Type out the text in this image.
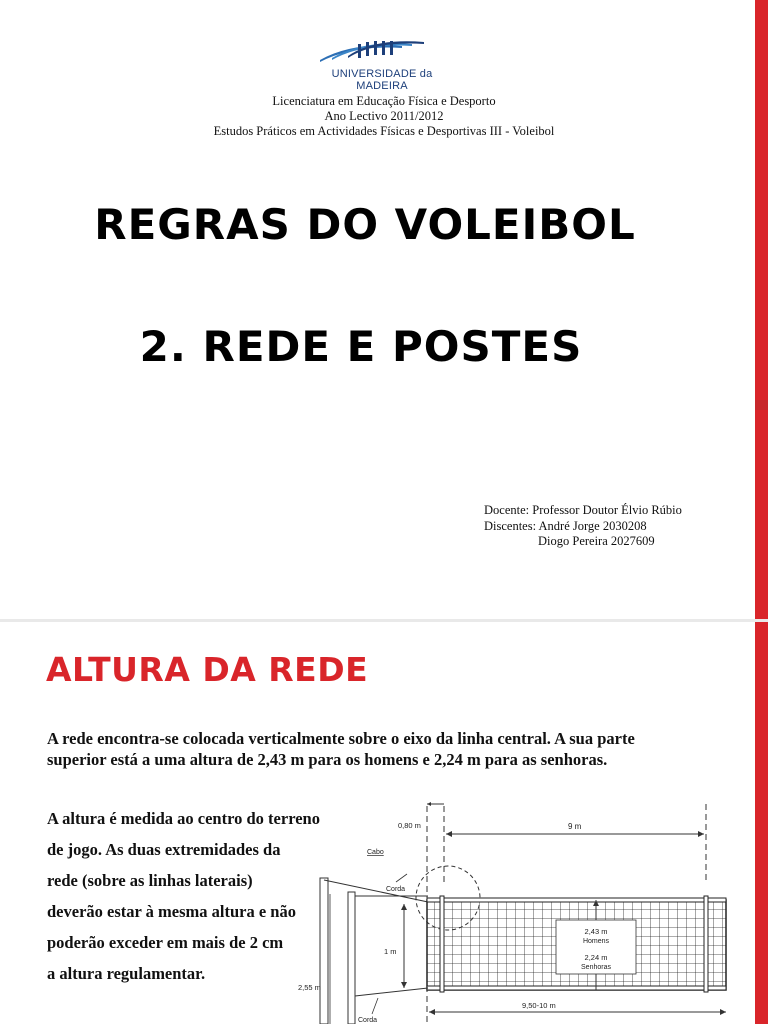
UNIVERSIDADE da MADEIRA
Licenciatura em Educação Física e Desporto
Ano Lectivo 2011/2012
Estudos Práticos em Actividades Físicas e Desportivas III - Voleibol
REGRAS DO VOLEIBOL
2. REDE E POSTES
Docente: Professor Doutor Élvio Rúbio
Discentes: André Jorge 2030208
Diogo Pereira 2027609
ALTURA DA REDE
A rede encontra-se colocada verticalmente sobre o eixo da linha central. A sua parte superior está a uma altura de 2,43 m para os homens e 2,24 m para as senhoras.
A altura é medida ao centro do terreno
de jogo. As duas extremidades da
rede (sobre as linhas laterais)
deverão estar à mesma altura e não
poderão exceder em mais de 2 cm
a altura regulamentar.
0,80 m	9 m
Cabo
Corda
1 m
2,55 m
2,43 m
Homens
2,24 m
Senhoras
Corda
9,50-10 m
